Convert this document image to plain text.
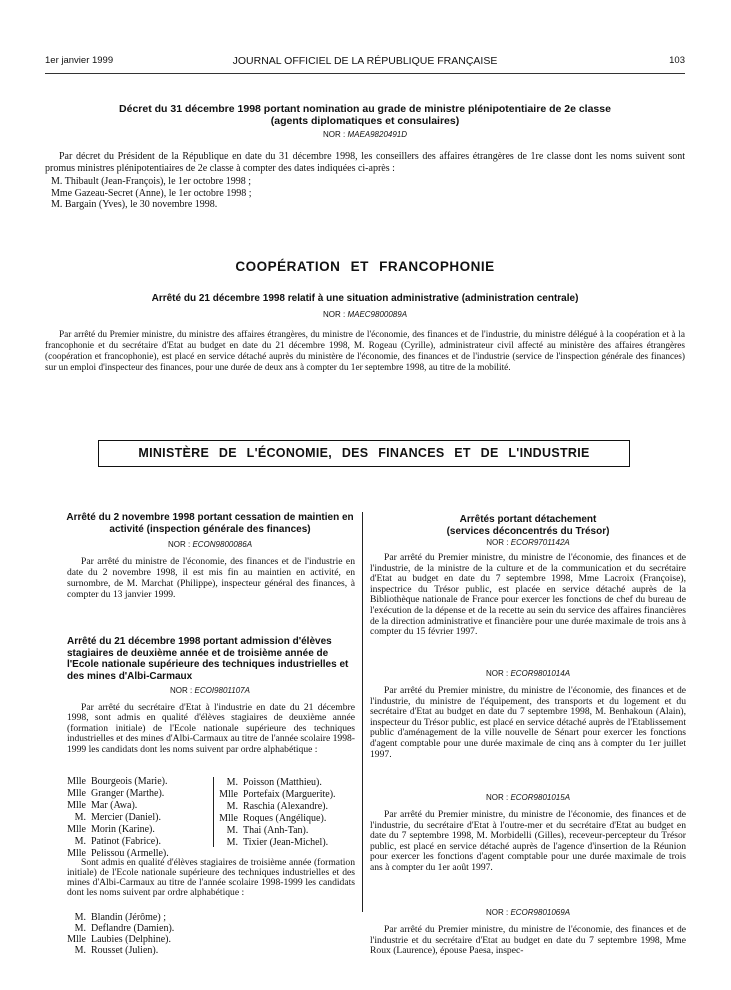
1er janvier 1999	JOURNAL OFFICIEL DE LA RÉPUBLIQUE FRANÇAISE	103
Décret du 31 décembre 1998 portant nomination au grade de ministre plénipotentiaire de 2e classe
(agents diplomatiques et consulaires)
NOR : MAEA9820491D

Par décret du Président de la République en date du 31 décembre 1998, les conseillers des affaires étrangères de 1re classe dont les noms suivent sont promus ministres plénipotentiaires de 2e classe à compter des dates indiquées ci-après :

M. Thibault (Jean-François), le 1er octobre 1998 ;
Mme Gazeau-Secret (Anne), le 1er octobre 1998 ;
M. Bargain (Yves), le 30 novembre 1998.
COOPÉRATION ET FRANCOPHONIE
Arrêté du 21 décembre 1998 relatif à une situation administrative (administration centrale)
NOR : MAEC9800089A

Par arrêté du Premier ministre, du ministre des affaires étrangères, du ministre de l'économie, des finances et de l'industrie, du ministre délégué à la coopération et à la francophonie et du secrétaire d'Etat au budget en date du 21 décembre 1998, M. Rogeau (Cyrille), administrateur civil affecté au ministère des affaires étrangères (coopération et francophonie), est placé en service détaché auprès du ministère de l'économie, des finances et de l'industrie (service de l'inspection générale des finances) sur un emploi d'inspecteur des finances, pour une durée de deux ans à compter du 1er septembre 1998, au titre de la mobilité.

MINISTÈRE DE L'ÉCONOMIE, DES FINANCES ET DE L'INDUSTRIE
Arrêté du 2 novembre 1998 portant cessation de maintien en activité (inspection générale des finances)
NOR : ECON9800086A

Par arrêté du ministre de l'économie, des finances et de l'industrie en date du 2 novembre 1998, il est mis fin au maintien en activité, en surnombre, de M. Marchat (Philippe), inspecteur général des finances, à compter du 13 janvier 1999.

Arrêté du 21 décembre 1998 portant admission d'élèves stagiaires de deuxième année et de troisième année de l'Ecole nationale supérieure des techniques industrielles et des mines d'Albi-Carmaux
NOR : ECOI9801107A

Par arrêté du secrétaire d'Etat à l'industrie en date du 21 décembre 1998, sont admis en qualité d'élèves stagiaires de deuxième année (formation initiale) de l'Ecole nationale supérieure des techniques industrielles et des mines d'Albi-Carmaux au titre de l'année scolaire 1998-1999 les candidats dont les noms suivent par ordre alphabétique :

Mlle Bourgeois (Marie).
Mlle Granger (Marthe).
Mlle Mar (Awa).
M. Mercier (Daniel).
Mlle Morin (Karine).
M. Patinot (Fabrice).
Mlle Pelissou (Armelle).
M. Poisson (Matthieu).
Mlle Portefaix (Marguerite).
M. Raschia (Alexandre).
Mlle Roques (Angélique).
M. Thai (Anh-Tan).
M. Tixier (Jean-Michel).

Sont admis en qualité d'élèves stagiaires de troisième année (formation initiale) de l'Ecole nationale supérieure des techniques industrielles et des mines d'Albi-Carmaux au titre de l'année scolaire 1998-1999 les candidats dont les noms suivent par ordre alphabétique :

M. Blandin (Jérôme) ;
M. Deflandre (Damien).
Mlle Laubies (Delphine).
M. Rousset (Julien).
Arrêtés portant détachement
(services déconcentrés du Trésor)
NOR : ECOR9701142A

Par arrêté du Premier ministre, du ministre de l'économie, des finances et de l'industrie, de la ministre de la culture et de la communication et du secrétaire d'Etat au budget en date du 7 septembre 1998, Mme Lacroix (Françoise), inspectrice du Trésor public, est placée en service détaché auprès de la Bibliothèque nationale de France pour exercer les fonctions de chef du bureau de l'exécution de la dépense et de la recette au sein du service des affaires financières de la direction administrative et financière pour une durée maximale de trois ans à compter du 15 février 1997.

NOR : ECOR9801014A

Par arrêté du Premier ministre, du ministre de l'économie, des finances et de l'industrie, du ministre de l'équipement, des transports et du logement et du secrétaire d'Etat au budget en date du 7 septembre 1998, M. Benhakoun (Alain), inspecteur du Trésor public, est placé en service détaché auprès de l'Etablissement public d'aménagement de la ville nouvelle de Sénart pour exercer les fonctions d'agent comptable pour une durée maximale de cinq ans à compter du 1er juillet 1997.

NOR : ECOR9801015A

Par arrêté du Premier ministre, du ministre de l'économie, des finances et de l'industrie, du secrétaire d'Etat à l'outre-mer et du secrétaire d'Etat au budget en date du 7 septembre 1998, M. Morbidelli (Gilles), receveur-percepteur du Trésor public, est placé en service détaché auprès de l'agence d'insertion de la Réunion pour exercer les fonctions d'agent comptable pour une durée maximale de trois ans à compter du 1er août 1997.

NOR : ECOR9801069A

Par arrêté du Premier ministre, du ministre de l'économie, des finances et de l'industrie et du secrétaire d'Etat au budget en date du 7 septembre 1998, Mme Roux (Laurence), épouse Paesa, inspec-
